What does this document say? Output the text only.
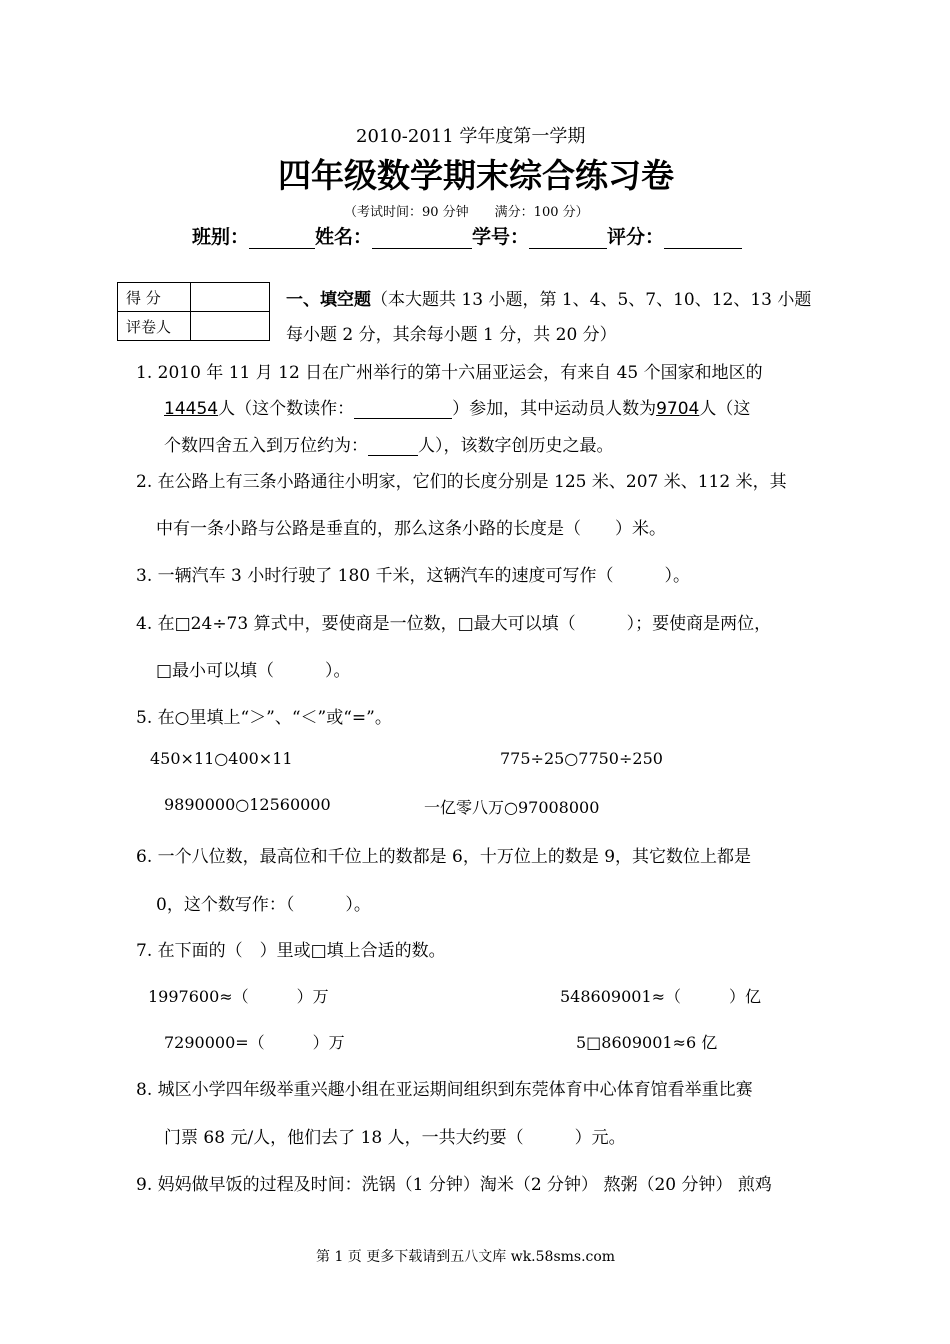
2010-2011 学年度第一学期
四年级数学期末综合练习卷
（考试时间：90 分钟　　满分：100 分）
班别：	姓名：	学号：	评分：
得 分	
评卷人	
一、填空题（本大题共 13 小题，第 1、4、5、7、10、12、13 小题
每小题 2 分，其余每小题 1 分，共 20 分）
1. 2010 年 11 月 12 日在广州举行的第十六届亚运会，有来自 45 个国家和地区的
14454人（这个数读作：	）参加，其中运动员人数为9704人（这
个数四舍五入到万位约为：	人），该数字创历史之最。
2. 在公路上有三条小路通往小明家，它们的长度分别是 125 米、207 米、112 米，其
中有一条小路与公路是垂直的，那么这条小路的长度是（　　）米。
3. 一辆汽车 3 小时行驶了 180 千米，这辆汽车的速度可写作（　　　）。
4. 在□24÷73 算式中，要使商是一位数，□最大可以填（　　　）；要使商是两位，
□最小可以填（　　　）。
5. 在○里填上“＞”、“＜”或“=”。
450×11○400×11	775÷25○7750÷250
9890000○12560000	一亿零八万○97008000
6. 一个八位数，最高位和千位上的数都是 6，十万位上的数是 9，其它数位上都是
0，这个数写作：（　　　）。
7. 在下面的（　）里或□填上合适的数。
1997600≈（　　　）万	548609001≈（　　　）亿
7290000=（　　　）万	5□8609001≈6 亿
8. 城区小学四年级举重兴趣小组在亚运期间组织到东莞体育中心体育馆看举重比赛
门票 68 元/人，他们去了 18 人，一共大约要（　　　）元。
9. 妈妈做早饭的过程及时间：洗锅（1 分钟）淘米（2 分钟） 熬粥（20 分钟） 煎鸡
第 1 页 更多下载请到五八文库 wk.58sms.com
